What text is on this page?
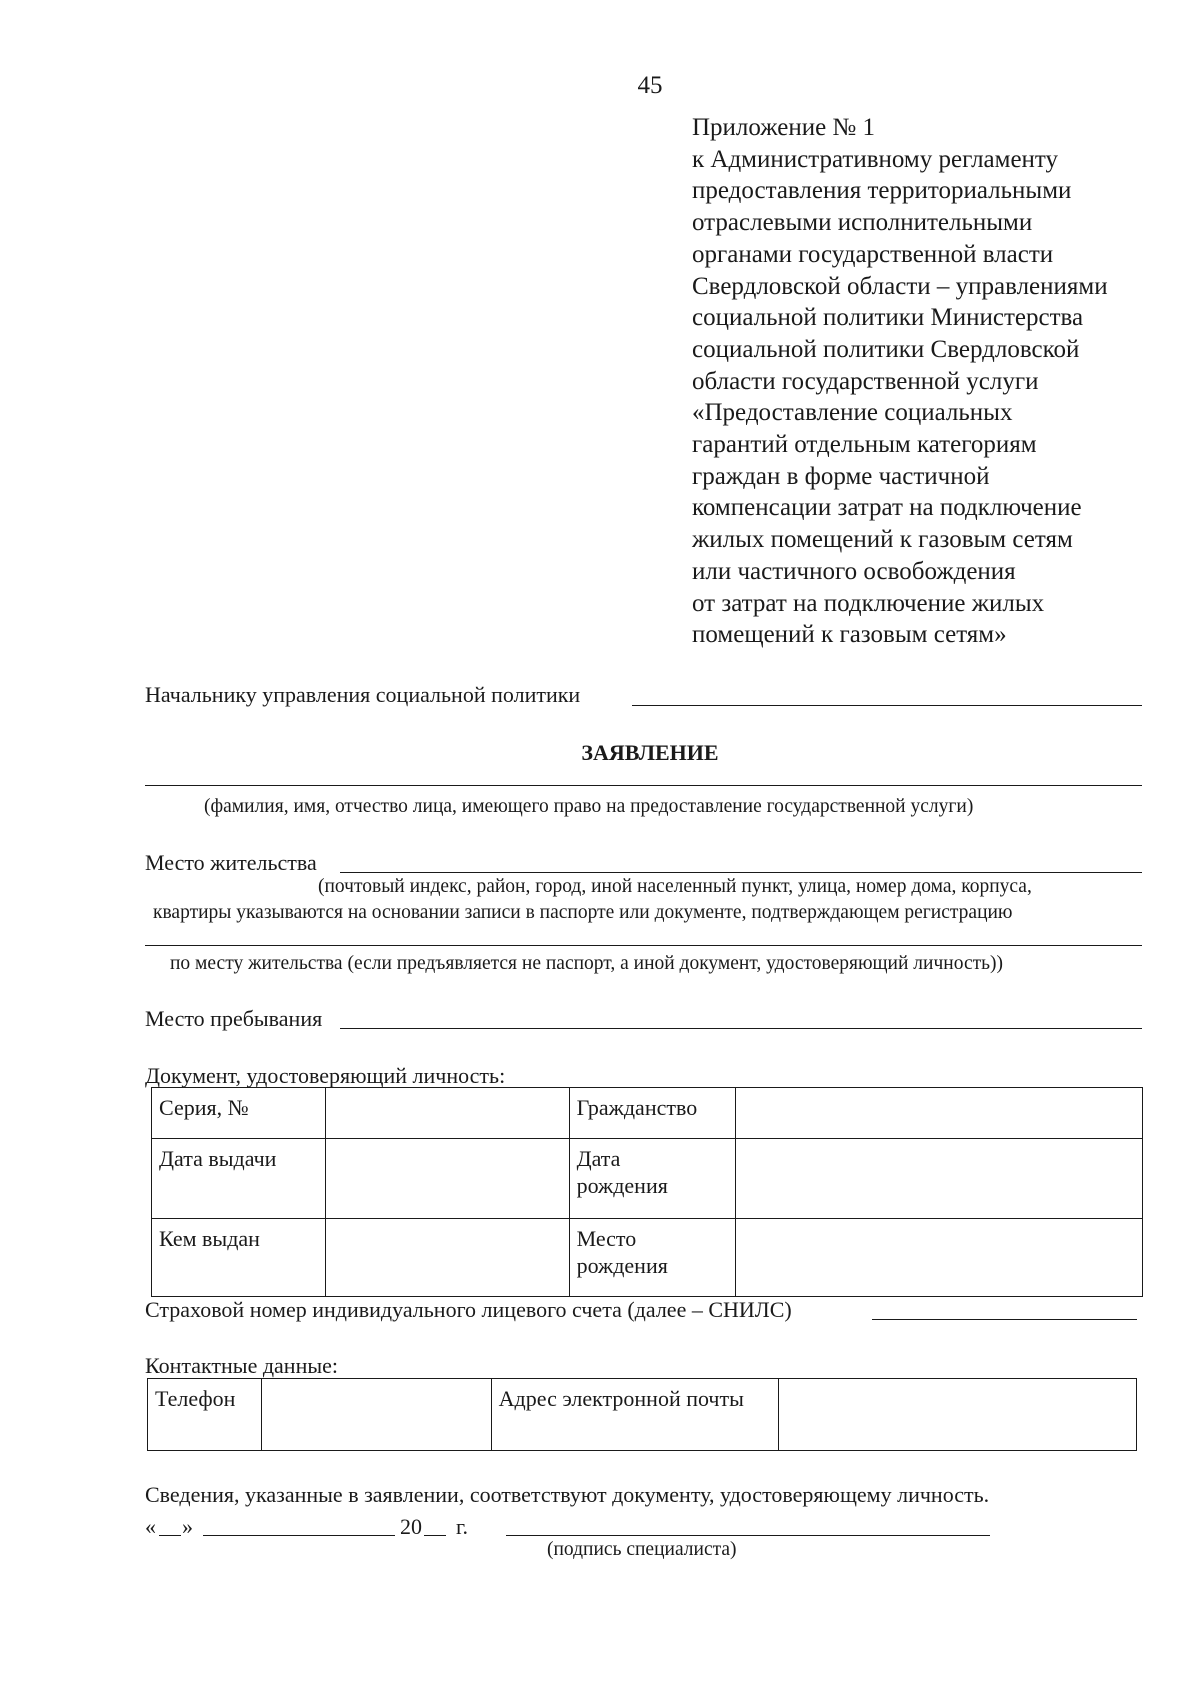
45
Приложение № 1
к Административному регламенту
предоставления территориальными
отраслевыми исполнительными
органами государственной власти
Свердловской области – управлениями
социальной политики Министерства
социальной политики Свердловской
области государственной услуги
«Предоставление социальных
гарантий отдельным категориям
граждан в форме частичной
компенсации затрат на подключение
жилых помещений к газовым сетям
или частичного освобождения
от затрат на подключение жилых
помещений к газовым сетям»
Начальнику управления социальной политики
ЗАЯВЛЕНИЕ
(фамилия, имя, отчество лица, имеющего право на предоставление государственной услуги)
Место жительства
(почтовый индекс, район, город, иной населенный пункт, улица, номер дома, корпуса,
квартиры указываются на основании записи в паспорте или документе, подтверждающем регистрацию
по месту жительства (если предъявляется не паспорт, а иной документ, удостоверяющий личность))
Место пребывания
Документ, удостоверяющий личность:
Серия, №		Гражданство	
Дата выдачи		Дата
рождения	
Кем выдан		Место
рождения	
Страховой номер индивидуального лицевого счета (далее – СНИЛС)
Контактные данные:
Телефон		Адрес электронной почты	
Сведения, указанные в заявлении, соответствуют документу, удостоверяющему личность.
« »	20 г.
(подпись специалиста)
